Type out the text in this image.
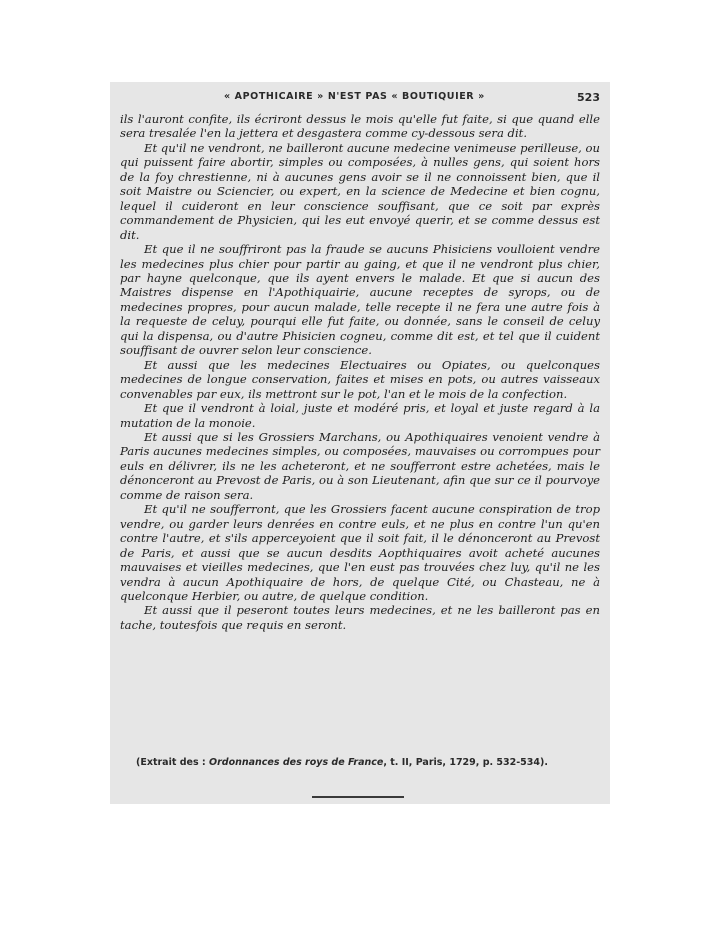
« APOTHICAIRE » N'EST PAS « BOUTIQUIER »	523

ils l'auront confite, ils écriront dessus le mois qu'elle fut faite, si que quand elle sera tresalée l'en la jettera et desgastera comme cy-dessous sera dit.

Et qu'il ne vendront, ne bailleront aucune medecine venimeuse perilleuse, ou qui puissent faire abortir, simples ou composées, à nulles gens, qui soient hors de la foy chrestienne, ni à aucunes gens avoir se il ne connoissent bien, que il soit Maistre ou Sciencier, ou expert, en la science de Medecine et bien cognu, lequel il cuideront en leur conscience souffisant, que ce soit par exprès commandement de Physicien, qui les eut envoyé querir, et se comme dessus est dit.

Et que il ne souffriront pas la fraude se aucuns Phisiciens voulloient vendre les medecines plus chier pour partir au gaing, et que il ne vendront plus chier, par hayne quelconque, que ils ayent envers le malade. Et que si aucun des Maistres dispense en l'Apothiquairie, aucune receptes de syrops, ou de medecines propres, pour aucun malade, telle recepte il ne fera une autre fois à la requeste de celuy, pourqui elle fut faite, ou donnée, sans le conseil de celuy qui la dispensa, ou d'autre Phisicien cogneu, comme dit est, et tel que il cuident souffisant de ouvrer selon leur conscience.

Et aussi que les medecines Electuaires ou Opiates, ou quelconques medecines de longue conservation, faites et mises en pots, ou autres vaisseaux convenables par eux, ils mettront sur le pot, l'an et le mois de la confection.

Et que il vendront à loial, juste et modéré pris, et loyal et juste regard à la mutation de la monoie.

Et aussi que si les Grossiers Marchans, ou Apothiquaires venoient vendre à Paris aucunes medecines simples, ou composées, mauvaises ou corrompues pour euls en délivrer, ils ne les acheteront, et ne soufferront estre achetées, mais le dénonceront au Prevost de Paris, ou à son Lieutenant, afin que sur ce il pourvoye comme de raison sera.

Et qu'il ne soufferront, que les Grossiers facent aucune conspiration de trop vendre, ou garder leurs denrées en contre euls, et ne plus en contre l'un qu'en contre l'autre, et s'ils apperceyoient que il soit fait, il le dénonceront au Prevost de Paris, et aussi que se aucun desdits Aopthiquaires avoit acheté aucunes mauvaises et vieilles medecines, que l'en eust pas trouvées chez luy, qu'il ne les vendra à aucun Apothiquaire de hors, de quelque Cité, ou Chasteau, ne à quelconque Herbier, ou autre, de quelque condition.

Et aussi que il peseront toutes leurs medecines, et ne les bailleront pas en tache, toutesfois que requis en seront.

(Extrait des : Ordonnances des roys de France, t. II, Paris, 1729, p. 532-534).
